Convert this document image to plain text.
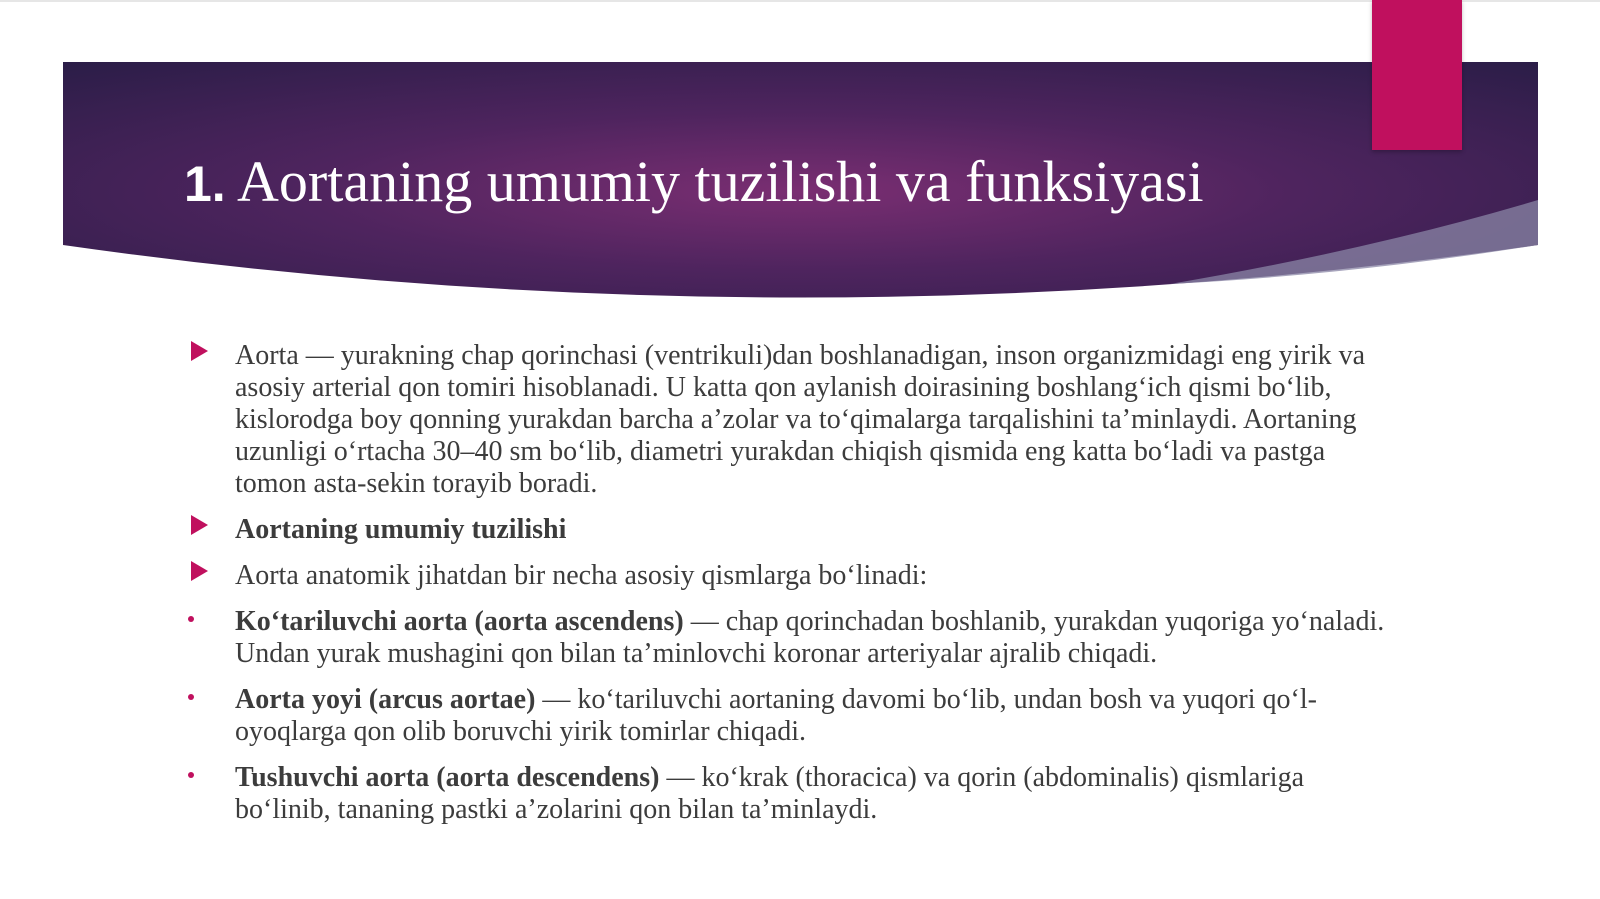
1. Aortaning umumiy tuzilishi va funksiyasi
Aorta — yurakning chap qorinchasi (ventrikuli)dan boshlanadigan, inson organizmidagi eng yirik va asosiy arterial qon tomiri hisoblanadi. U katta qon aylanish doirasining boshlang‘ich qismi bo‘lib, kislorodga boy qonning yurakdan barcha a’zolar va to‘qimalarga tarqalishini ta’minlaydi. Aortaning uzunligi o‘rtacha 30–40 sm bo‘lib, diametri yurakdan chiqish qismida eng katta bo‘ladi va pastga tomon asta-sekin torayib boradi.
Aortaning umumiy tuzilishi
Aorta anatomik jihatdan bir necha asosiy qismlarga bo‘linadi:
Ko‘tariluvchi aorta (aorta ascendens) — chap qorinchadan boshlanib, yurakdan yuqoriga yo‘naladi. Undan yurak mushagini qon bilan ta’minlovchi koronar arteriyalar ajralib chiqadi.
Aorta yoyi (arcus aortae) — ko‘tariluvchi aortaning davomi bo‘lib, undan bosh va yuqori qo‘l-oyoqlarga qon olib boruvchi yirik tomirlar chiqadi.
Tushuvchi aorta (aorta descendens) — ko‘krak (thoracica) va qorin (abdominalis) qismlariga bo‘linib, tananing pastki a’zolarini qon bilan ta’minlaydi.
